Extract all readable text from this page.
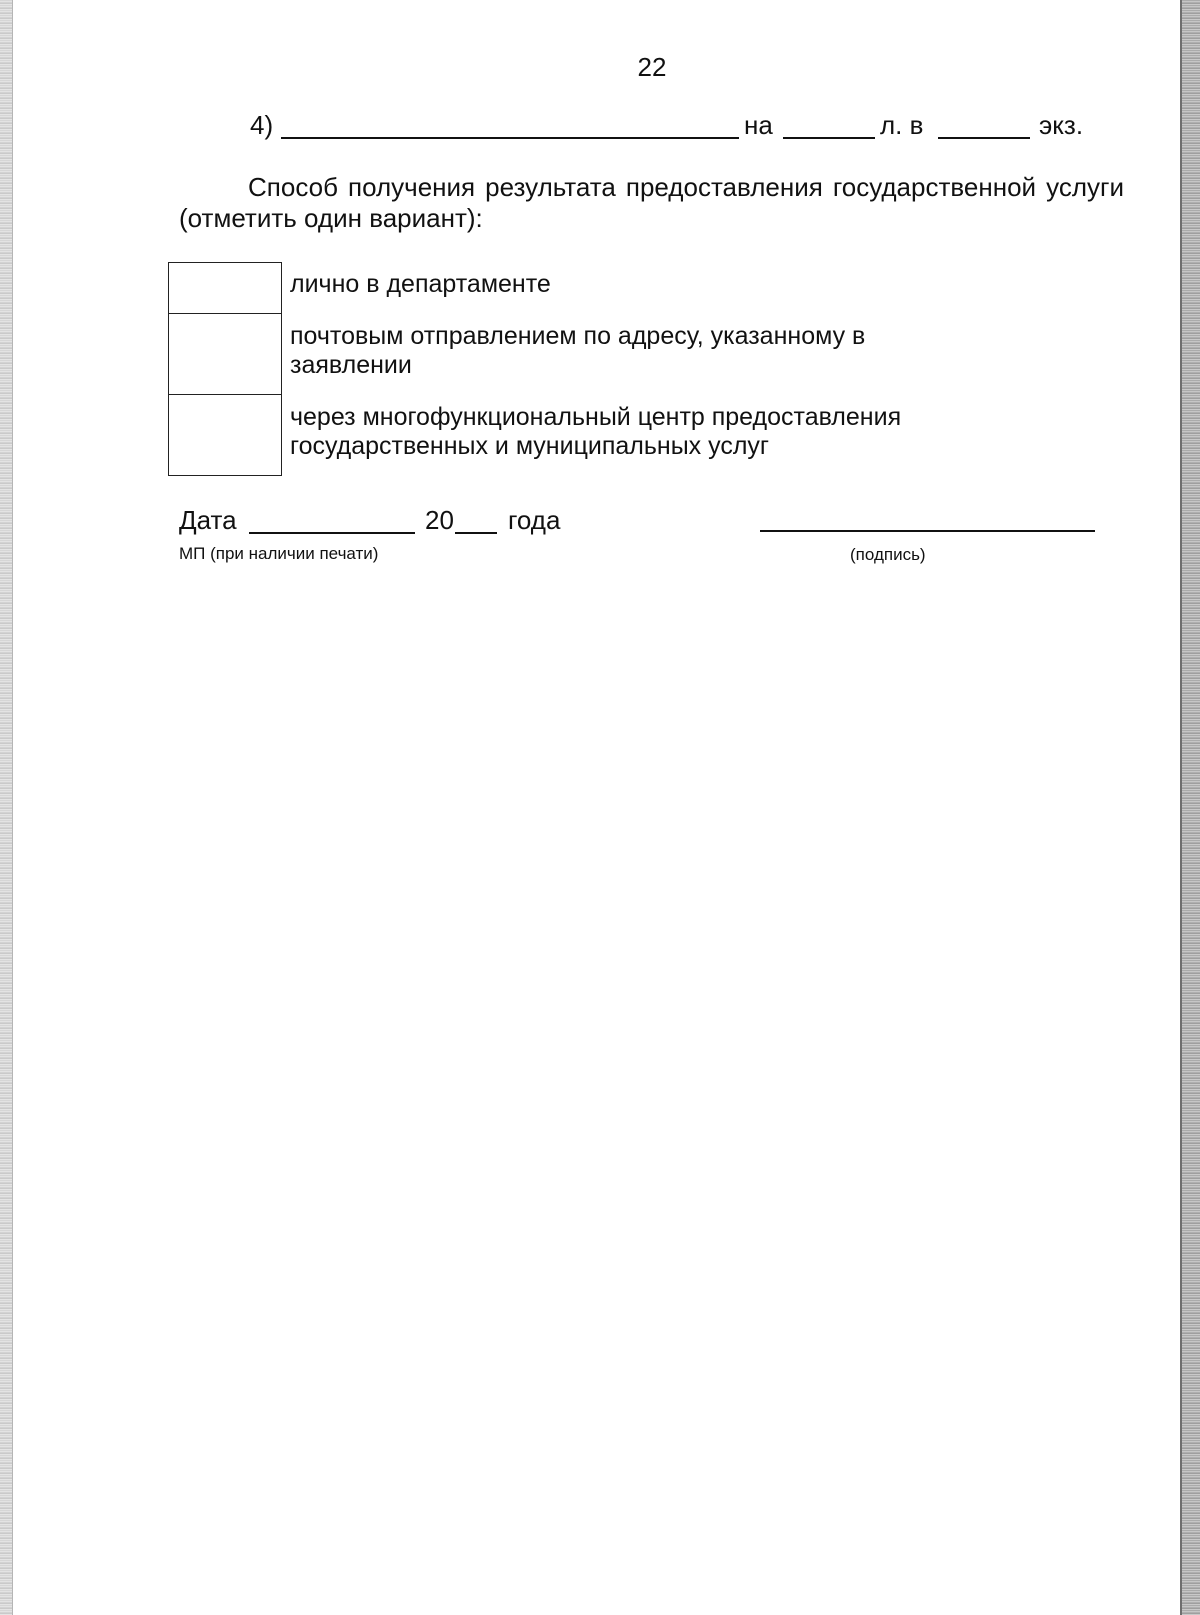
22
4)	на	л. в	экз.

Способ получения результата предоставления государственной услуги (отметить один вариант):

лично в департаменте
почтовым отправлением по адресу, указанному в заявлении
через многофункциональный центр предоставления государственных и муниципальных услуг
Дата	20 года
МП (при наличии печати)	(подпись)
